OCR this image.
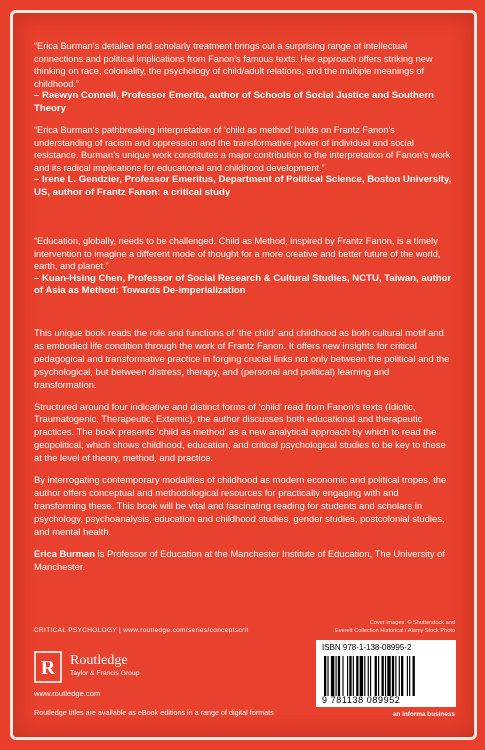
“Erica Burman’s detailed and scholarly treatment brings out a surprising range of intellectual connections and political implications from Fanon’s famous texts. Her approach offers striking new thinking on race, coloniality, the psychology of child/adult relations, and the multiple meanings of childhood.”

– Raewyn Connell, Professor Emerita, author of Schools of Social Justice and Southern Theory

“Erica Burman’s pathbreaking interpretation of ‘child as method’ builds on Frantz Fanon’s understanding of racism and oppression and the transformative power of individual and social resistance. Burman’s unique work constitutes a major contribution to the interpretation of Fanon’s work and its radical implications for educational and childhood development.”

– Irene L. Gendzier, Professor Emeritus, Department of Political Science, Boston University, US, author of Frantz Fanon: a critical study

“Education, globally, needs to be challenged. Child as Method, inspired by Frantz Fanon, is a timely intervention to imagine a different mode of thought for a more creative and better future of the world, earth, and planet.”

– Kuan-Hsing Chen, Professor of Social Research & Cultural Studies, NCTU, Taiwan, author of Asia as Method: Towards De-imperialization

This unique book reads the role and functions of ‘the child’ and childhood as both cultural motif and as embodied life condition through the work of Frantz Fanon. It offers new insights for critical pedagogical and transformative practice in forging crucial links not only between the political and the psychological, but between distress, therapy, and (personal and political) learning and transformation.

Structured around four indicative and distinct forms of ‘child’ read from Fanon’s texts (Idiotic, Traumatogenic, Therapeutic, Extemic), the author discusses both educational and therapeutic practices. The book presents ‘child as method’ as a new analytical approach by which to read the geopolitical, which shows childhood, education, and critical psychological studies to be key to these at the level of theory, method, and practice.

By interrogating contemporary modalities of childhood as modern economic and political tropes, the author offers conceptual and methodological resources for practically engaging with and transforming these. This book will be vital and fascinating reading for students and scholars in psychology, psychoanalysis, education and childhood studies, gender studies, postcolonial studies, and mental health.

Erica Burman is Professor of Education at the Manchester Institute of Education, The University of Manchester.

CRITICAL PSYCHOLOGY | www.routledge.com/series/conceptscrit
Cover images: © Shutterstock and
Everett Collection Historical / Alamy Stock Photo
R Routledge
Taylor & Francis Group
www.routledge.com
Routledge titles are available as eBook editions in a range of digital formats
ISBN 978-1-138-08995-2
9 781138 089952
an informa business
